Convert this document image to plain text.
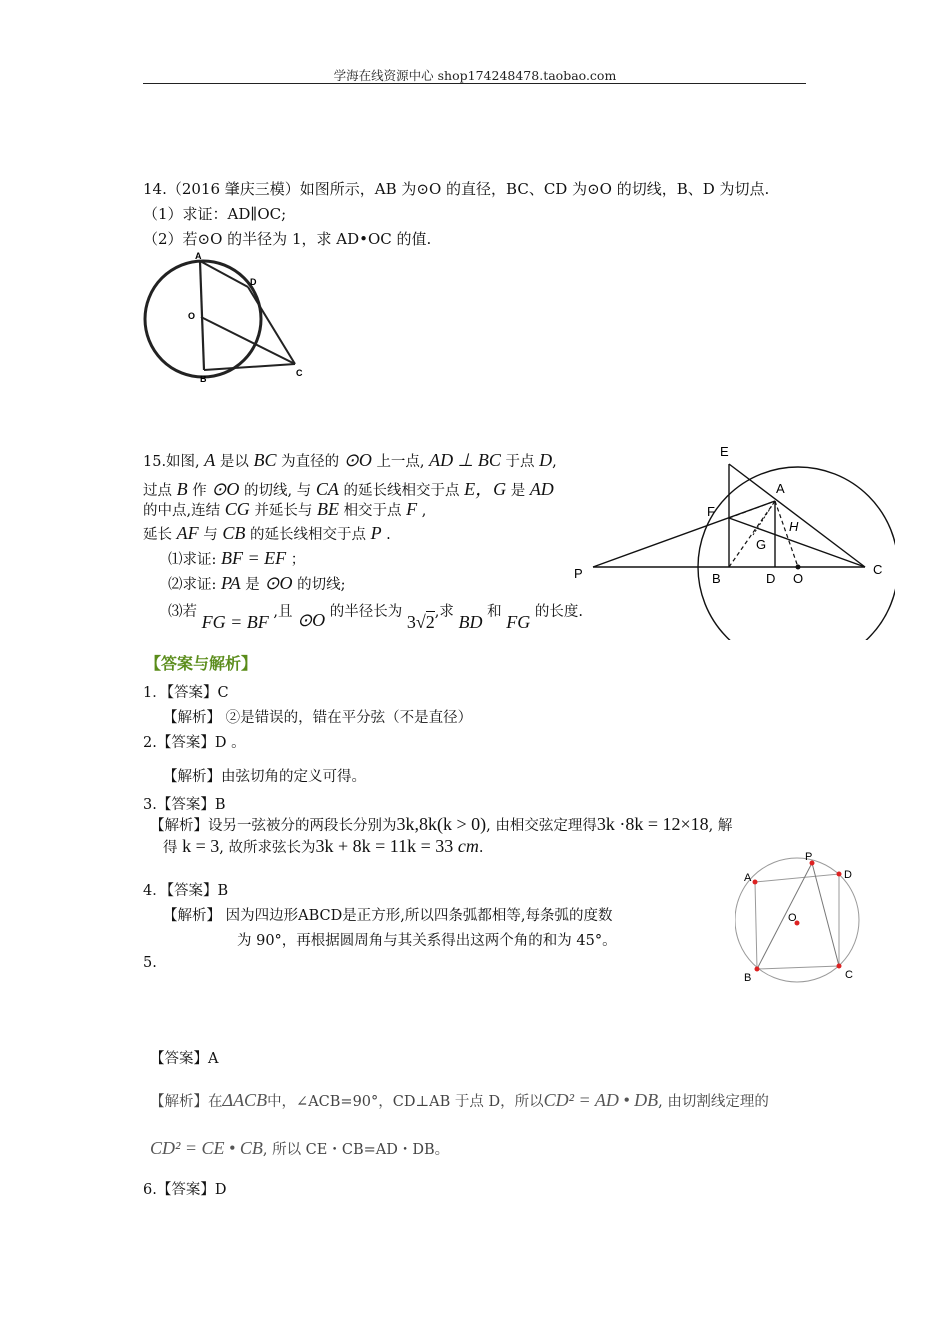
学海在线资源中心 shop174248478.taobao.com
14.（2016 肇庆三模）如图所示，AB 为⊙O 的直径，BC、CD 为⊙O 的切线，B、D 为切点.
（1）求证：AD∥OC;
（2）若⊙O 的半径为 1，求 AD•OC 的值.
A
D
O
B
C
15.如图, A 是以 BC 为直径的 ⊙O 上一点, AD ⊥ BC 于点 D,
过点 B 作 ⊙O 的切线, 与 CA 的延长线相交于点 E，G 是 AD
的中点,连结 CG 并延长与 BE 相交于点 F ,
延长 AF 与 CB 的延长线相交于点 P .
⑴求证: BF = EF ；
⑵求证: PA 是 ⊙O 的切线;
⑶若 FG = BF ,且 ⊙O 的半径长为 3√2,求 BD 和 FG 的长度.
E
A
F
H
G
P	B	D O
C
【答案与解析】
1．【答案】C
【解析】 ②是错误的，错在平分弦（不是直径）
2.【答案】D 。
【解析】由弦切角的定义可得。
3.【答案】B
【解析】设另一弦被分的两段长分别为3k,8k(k > 0), 由相交弦定理得3k ·8k = 12×18, 解
得 k = 3, 故所求弦长为3k + 8k = 11k = 33 cm.
4．【答案】B
【解析】 因为四边形ABCD是正方形,所以四条弧都相等,每条弧的度数
为 90°，再根据圆周角与其关系得出这两个角的和为 45°。
5.
P
A	D
O
B	C
【答案】A
【解析】在ΔACB中，∠ACB=90°，CD⊥AB 于点 D，所以CD² = AD • DB, 由切割线定理的
CD² = CE • CB, 所以 CE・CB=AD・DB。
6.【答案】D
